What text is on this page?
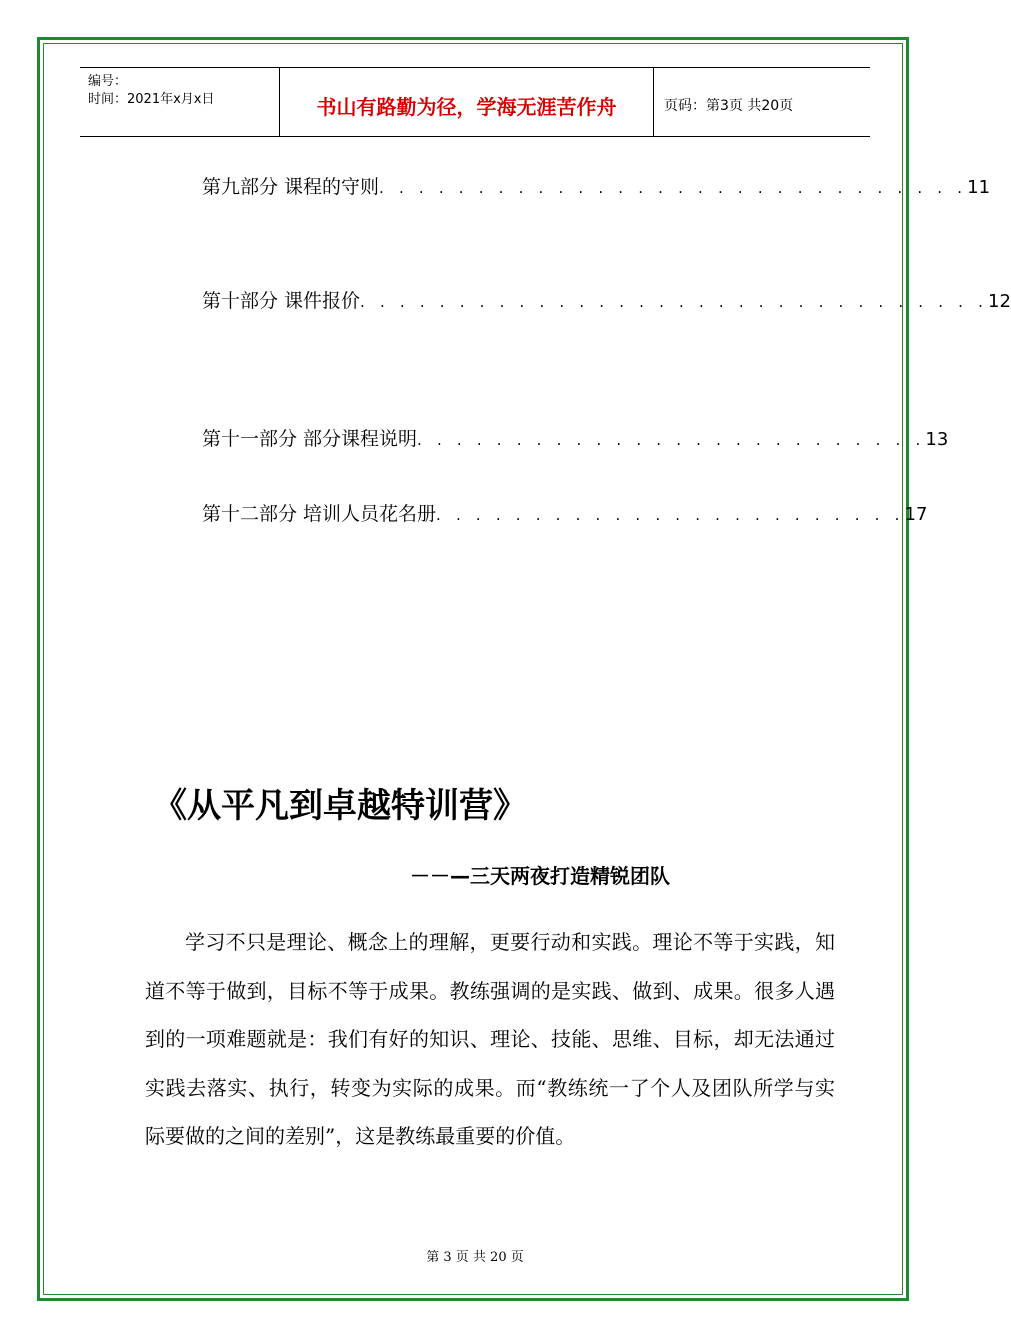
编号：
时间：2021年x月x日	书山有路勤为径，学海无涯苦作舟	页码：第3页 共20页
第九部分 课程的守则 . . . . . . . . . . . . . . . . . . . . . . . . . . . . . . 11
第十部分 课件报价 . . . . . . . . . . . . . . . . . . . . . . . . . . . . . . . . 12
第十一部分 部分课程说明 . . . . . . . . . . . . . . . . . . . . . . . . . . 13
第十二部分 培训人员花名册 . . . . . . . . . . . . . . . . . . . . . . . . 17
《从平凡到卓越特训营》
－－—三天两夜打造精锐团队
学习不只是理论、概念上的理解，更要行动和实践。理论不等于实践，知道不等于做到，目标不等于成果。教练强调的是实践、做到、成果。很多人遇到的一项难题就是：我们有好的知识、理论、技能、思维、目标，却无法通过实践去落实、执行，转变为实际的成果。而“教练统一了个人及团队所学与实际要做的之间的差别”，这是教练最重要的价值。
第 3 页 共 20 页
